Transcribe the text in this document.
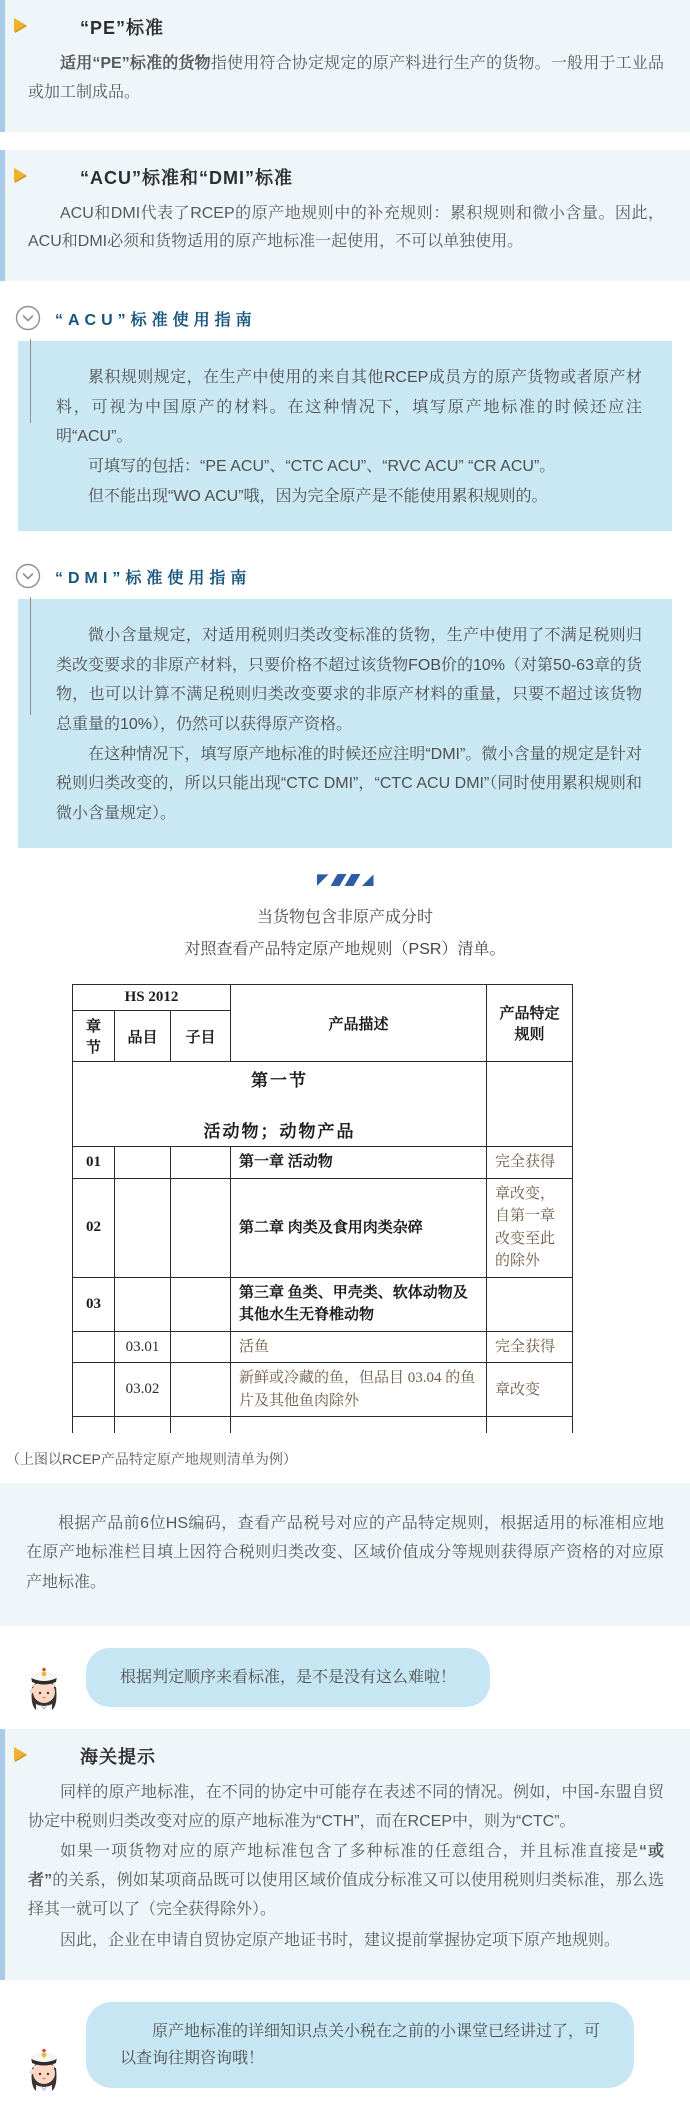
“PE”标准

适用“PE”标准的货物指使用符合协定规定的原产料进行生产的货物。一般用于工业品或加工制成品。

“ACU”标准和“DMI”标准

ACU和DMI代表了RCEP的原产地规则中的补充规则：累积规则和微小含量。因此，ACU和DMI必须和货物适用的原产地标准一起使用，不可以单独使用。

“ACU”标准使用指南

累积规则规定，在生产中使用的来自其他RCEP成员方的原产货物或者原产材料，可视为中国原产的材料。在这种情况下，填写原产地标准的时候还应注明“ACU”。

可填写的包括：“PE ACU”、“CTC ACU”、“RVC ACU” “CR ACU”。

但不能出现“WO ACU”哦，因为完全原产是不能使用累积规则的。

“DMI”标准使用指南

微小含量规定，对适用税则归类改变标准的货物，生产中使用了不满足税则归类改变要求的非原产材料，只要价格不超过该货物FOB价的10%（对第50-63章的货物，也可以计算不满足税则归类改变要求的非原产材料的重量，只要不超过该货物总重量的10%），仍然可以获得原产资格。

在这种情况下，填写原产地标准的时候还应注明“DMI”。微小含量的规定是针对税则归类改变的，所以只能出现“CTC DMI”，“CTC ACU DMI”（同时使用累积规则和微小含量规定）。

当货物包含非原产成分时

对照查看产品特定原产地规则（PSR）清单。

HS 2012			产品描述	产品特定规则
章节	品目	子目		

第一节
活动物；动物产品				

01			第一章 活动物	完全获得
02			第二章 肉类及食用肉类杂碎	章改变，自第一章改变至此的除外
03			第三章 鱼类、甲壳类、软体动物及其他水生无脊椎动物	
	03.01		活鱼	完全获得
	03.02		新鲜或冷藏的鱼，但品目 03.04 的鱼片及其他鱼肉除外	章改变

（上图以RCEP产品特定原产地规则清单为例）

根据产品前6位HS编码，查看产品税号对应的产品特定规则，根据适用的标准相应地在原产地标准栏目填上因符合税则归类改变、区域价值成分等规则获得原产资格的对应原产地标准。

根据判定顺序来看标准，是不是没有这么难啦！
海关提示

同样的原产地标准，在不同的协定中可能存在表述不同的情况。例如，中国-东盟自贸协定中税则归类改变对应的原产地标准为“CTH”，而在RCEP中，则为“CTC”。

如果一项货物对应的原产地标准包含了多种标准的任意组合，并且标准直接是“或者”的关系，例如某项商品既可以使用区域价值成分标准又可以使用税则归类标准，那么选择其一就可以了（完全获得除外）。

因此，企业在申请自贸协定原产地证书时，建议提前掌握协定项下原产地规则。

原产地标准的详细知识点关小税在之前的小课堂已经讲过了，可以查询往期咨询哦！
